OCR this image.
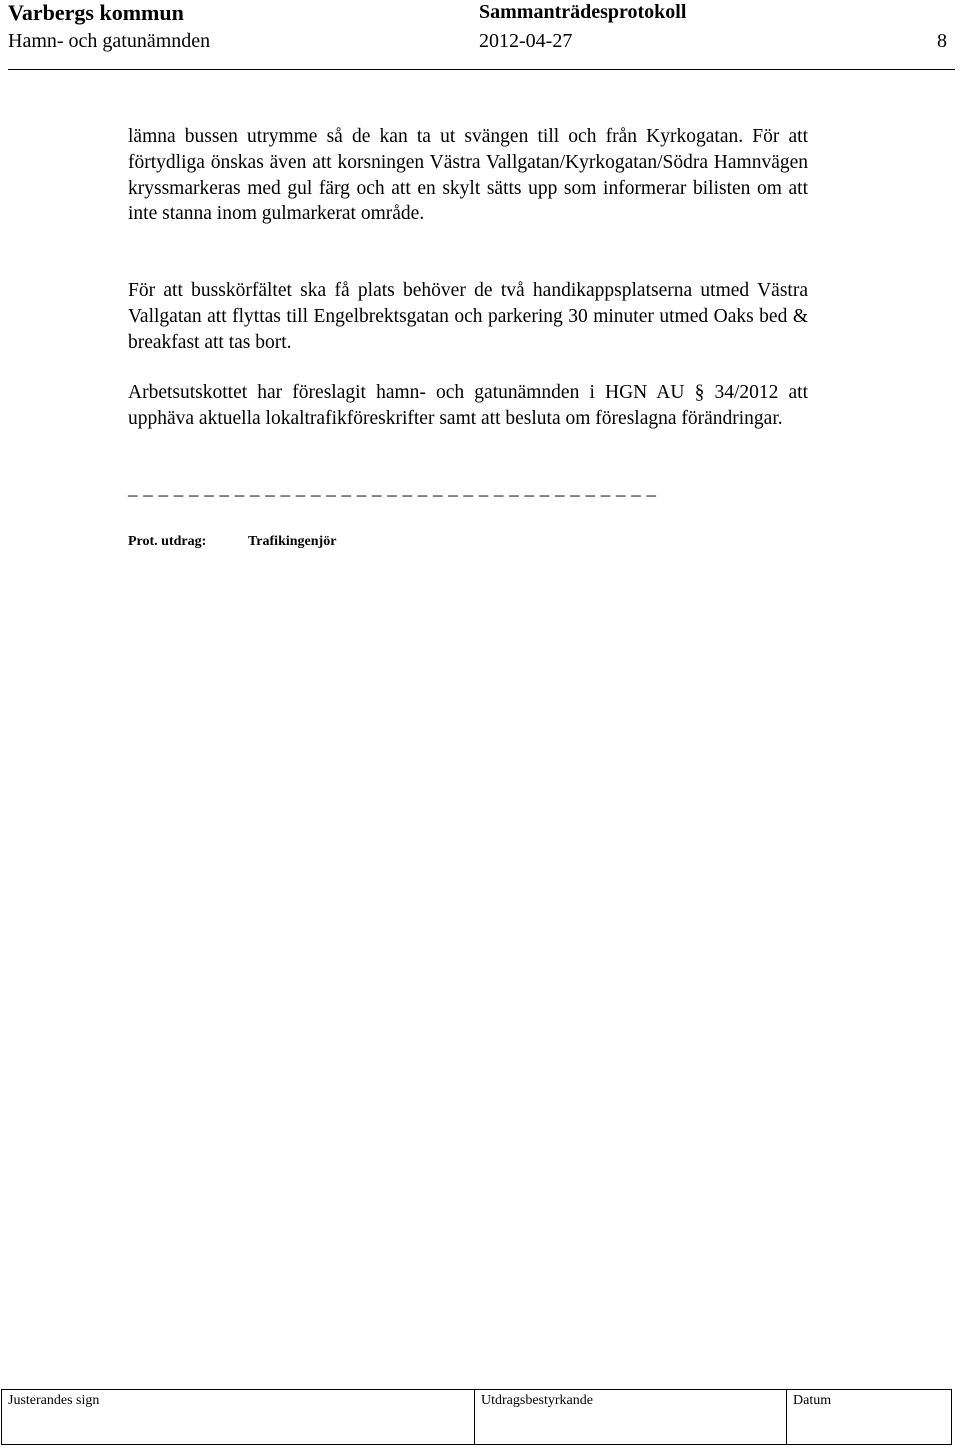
Varbergs kommun	Sammanträdesprotokoll
Hamn- och gatunämnden	2012-04-27	8

lämna bussen utrymme så de kan ta ut svängen till och från Kyrkogatan. För att förtydliga önskas även att korsningen Västra Vallgatan/Kyrkogatan/Södra Hamnvägen kryssmarkeras med gul färg och att en skylt sätts upp som informerar bilisten om att inte stanna inom gulmarkerat område.

För att busskörfältet ska få plats behöver de två handikappsplatserna utmed Västra Vallgatan att flyttas till Engelbrektsgatan och parkering 30 minuter utmed Oaks bed & breakfast att tas bort.

Arbetsutskottet har föreslagit hamn- och gatunämnden i HGN AU § 34/2012 att upphäva aktuella lokaltrafikföreskrifter samt att besluta om föreslagna förändringar.

_ _ _ _ _ _ _ _ _ _ _ _ _ _ _ _ _ _ _ _ _ _ _ _ _ _ _ _ _ _ _ _ _ _ _
Prot. utdrag:	Trafikingenjör
Justerandes sign	Utdragsbestyrkande	Datum
